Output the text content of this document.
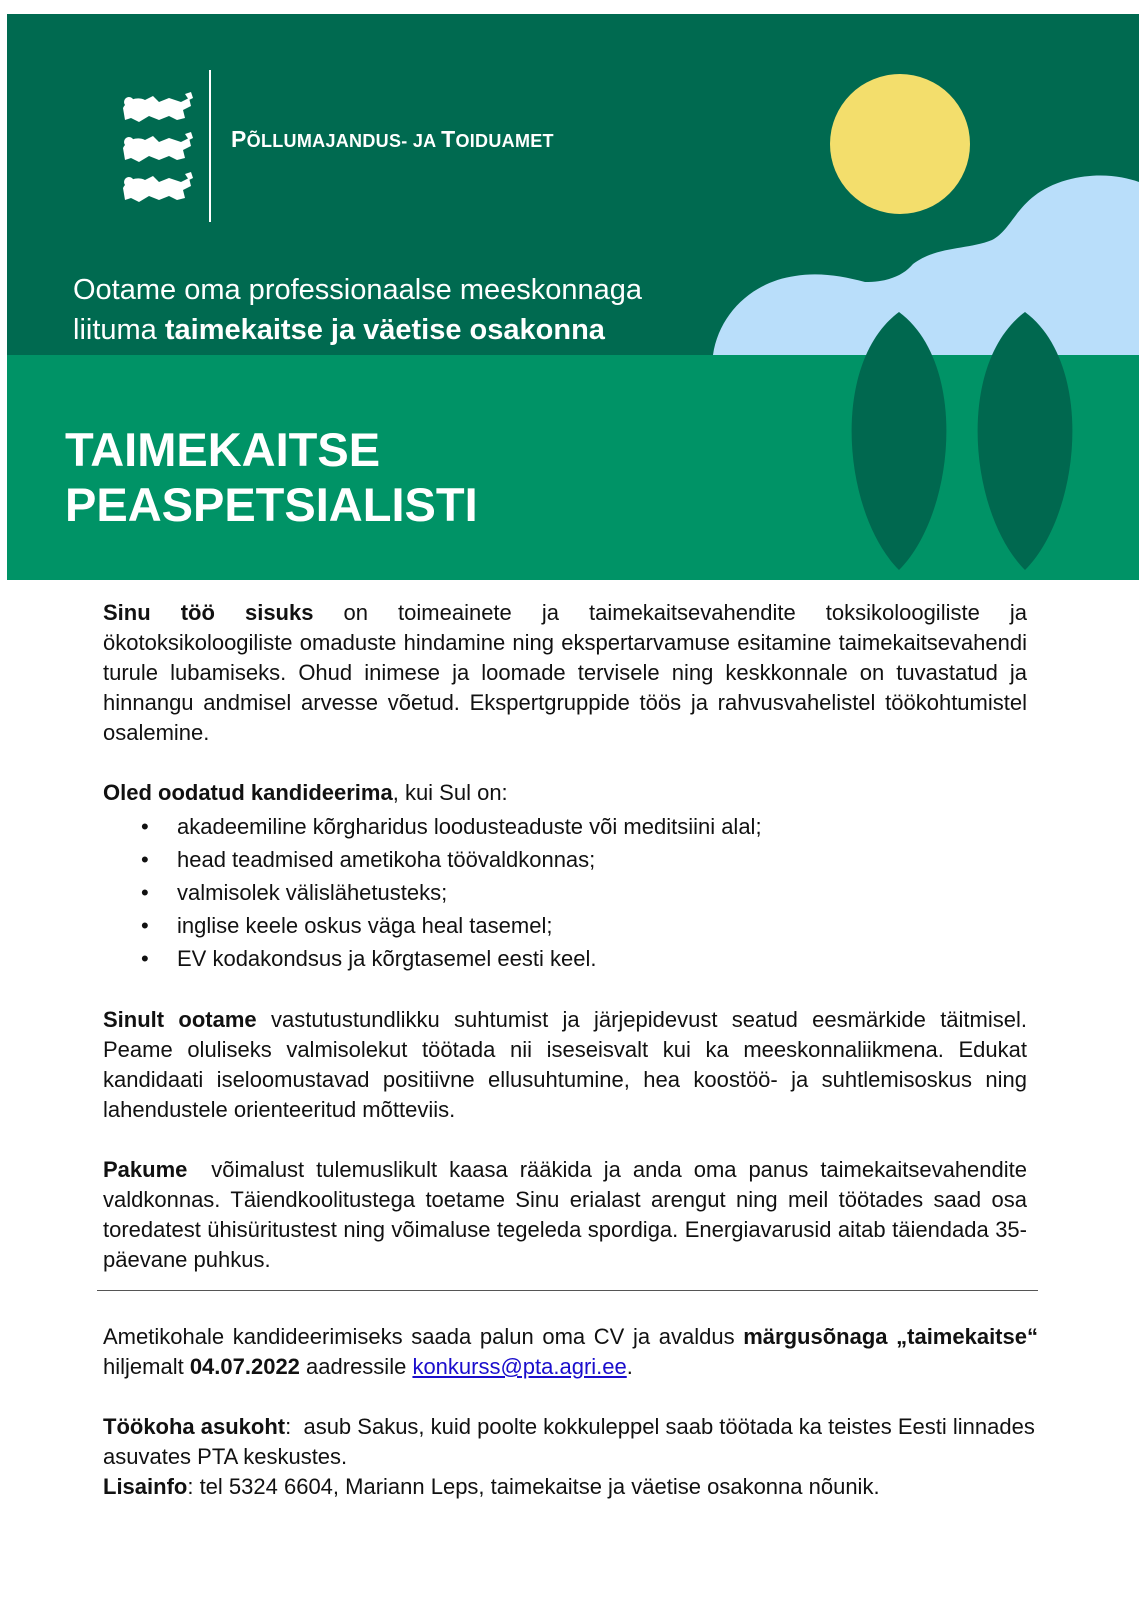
PÕLLUMAJANDUS- JA TOIDUAMET
Ootame oma professionaalse meeskonnaga
liituma taimekaitse ja väetise osakonna
TAIMEKAITSE
PEASPETSIALISTI

Sinu töö sisuks on toimeainete ja taimekaitsevahendite toksikoloogiliste ja ökotoksikoloogiliste omaduste hindamine ning ekspertarvamuse esitamine taimekaitsevahendi turule lubamiseks. Ohud inimese ja loomade tervisele ning keskkonnale on tuvastatud ja hinnangu andmisel arvesse võetud. Ekspertgruppide töös ja rahvusvahelistel töökohtumistel osalemine.

Oled oodatud kandideerima, kui Sul on:

• akadeemiline kõrgharidus loodusteaduste või meditsiini alal;
• head teadmised ametikoha töövaldkonnas;
• valmisolek välislähetusteks;
• inglise keele oskus väga heal tasemel;
• EV kodakondsus ja kõrgtasemel eesti keel.

Sinult ootame vastutustundlikku suhtumist ja järjepidevust seatud eesmärkide täitmisel. Peame oluliseks valmisolekut töötada nii iseseisvalt kui ka meeskonnaliikmena. Edukat kandidaati iseloomustavad positiivne ellusuhtumine, hea koostöö- ja suhtlemisoskus ning lahendustele orienteeritud mõtteviis.

Pakume  võimalust tulemuslikult kaasa rääkida ja anda oma panus taimekaitsevahendite valdkonnas. Täiendkoolitustega toetame Sinu erialast arengut ning meil töötades saad osa toredatest ühisüritustest ning võimaluse tegeleda spordiga. Energiavarusid aitab täiendada 35-päevane puhkus.

Ametikohale kandideerimiseks saada palun oma CV ja avaldus märgusõnaga „taimekaitse“ hiljemalt 04.07.2022 aadressile konkurss@pta.agri.ee.

Töökoha asukoht:  asub Sakus, kuid poolte kokkuleppel saab töötada ka teistes Eesti linnades asuvates PTA keskustes.

Lisainfo: tel 5324 6604, Mariann Leps, taimekaitse ja väetise osakonna nõunik.
